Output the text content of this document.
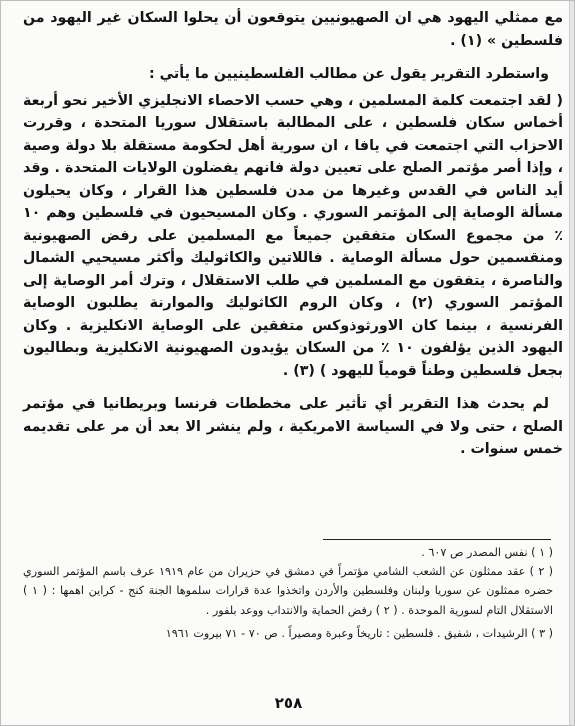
مع ممثلي اليهود هي ان الصهيونيين يتوقعون أن يحلوا السكان غير اليهود من فلسطين » (١) .

واستطرد التقرير يقول عن مطالب الفلسطينيين ما يأتي :

( لقد اجتمعت كلمة المسلمين ، وهي حسب الاحصاء الانجليزي الأخير نحو أربعة أخماس سكان فلسطين ، على المطالبة باستقلال سوريا المتحدة ، وقررت الاحزاب التي اجتمعت في يافا ، ان سورية أهل لحكومة مستقلة بلا دولة وصية ، وإذا أصر مؤتمر الصلح على تعيين دولة فانهم يفضلون الولايات المتحدة . وقد أيد الناس في القدس وغيرها من مدن فلسطين هذا القرار ، وكان يحيلون مسألة الوصاية إلى المؤتمر السوري . وكان المسيحيون في فلسطين وهم ١٠ ٪ من مجموع السكان متفقين جميعاً مع المسلمين على رفض الصهيونية ومنقسمين حول مسألة الوصاية . فاللاتين والكاثوليك وأكثر مسيحيي الشمال والناصرة ، يتفقون مع المسلمين في طلب الاستقلال ، وترك أمر الوصاية إلى المؤتمر السوري (٢) ، وكان الروم الكاثوليك والموارنة يطلبون الوصاية الفرنسية ، بينما كان الاورثوذوكس متفقين على الوصاية الانكليزية . وكان اليهود الذين يؤلفون ١٠ ٪ من السكان يؤيدون الصهيونية الانكليزية وبطاليون بجعل فلسطين وطناً قومياً لليهود ) (٣) .

لم يحدث هذا التقرير أي تأثير على مخططات فرنسا وبريطانيا في مؤتمر الصلح ، حتى ولا في السياسة الامريكية ، ولم ينشر الا بعد أن مر على تقديمه خمس سنوات .

( ١ ) نفس المصدر ص ٦٠٧ .

( ٢ ) عقد ممثلون عن الشعب الشامي مؤتمراً في دمشق في حزيران من عام ١٩١٩ عرف باسم المؤتمر السوري حضره ممثلون عن سوريا ولبنان وفلسطين والأردن واتخذوا عدة قرارات سلموها الجنة كنج - كراين اهمها : ( ١ ) الاستقلال التام لسورية الموحدة . ( ٢ ) رفض الحماية والانتداب ووعد بلفور .

( ٣ ) الرشيدات ، شفيق . فلسطين : تاريخاً وعبرة ومصيراً . ص ٧٠ - ٧١ بيروت ١٩٦١

٢٥٨
